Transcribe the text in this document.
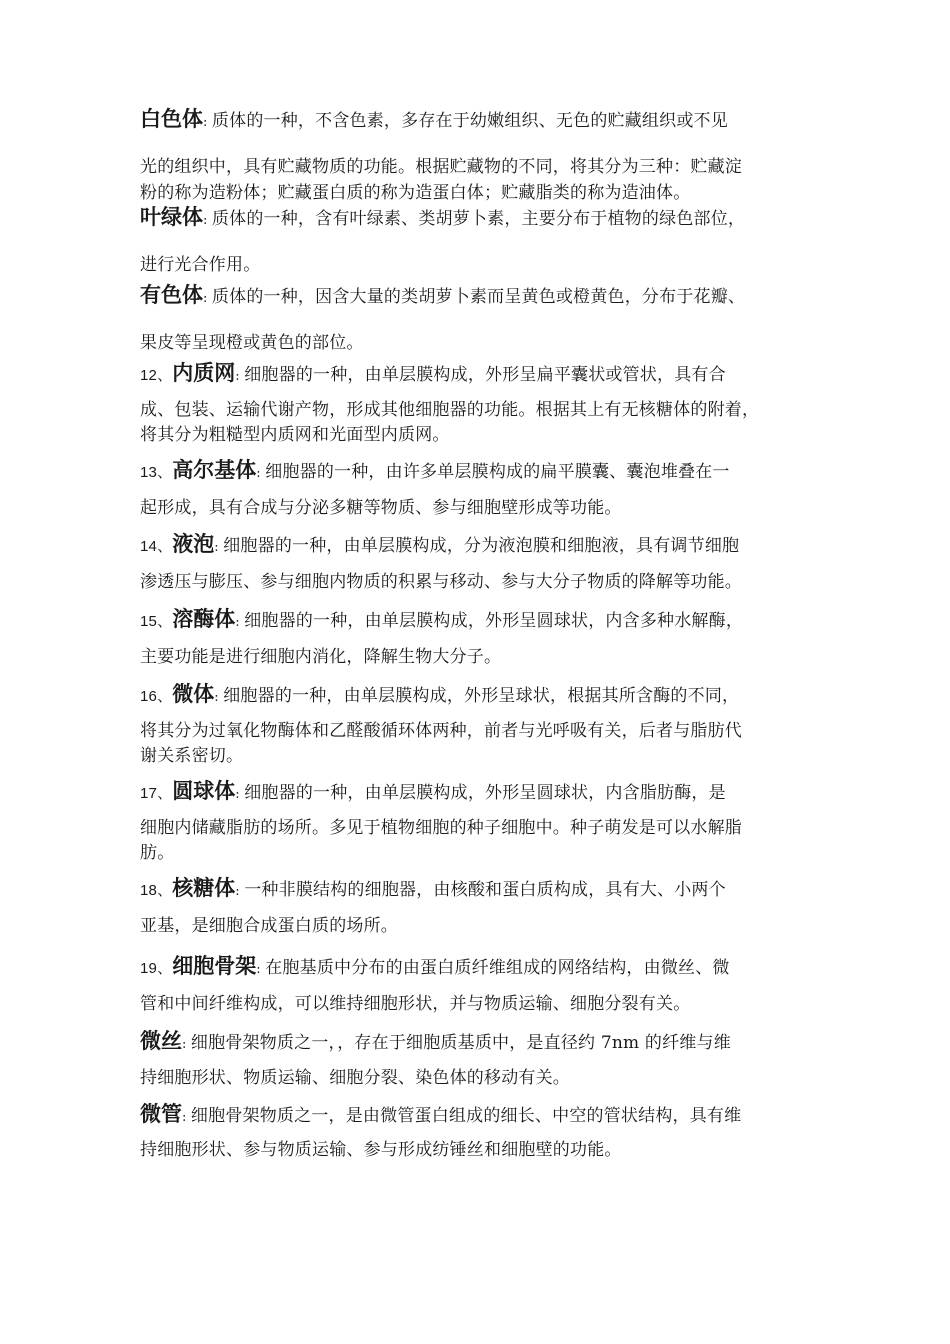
白色体: 质体的一种，不含色素，多存在于幼嫩组织、无色的贮藏组织或不见
光的组织中，具有贮藏物质的功能。根据贮藏物的不同，将其分为三种：贮藏淀
粉的称为造粉体；贮藏蛋白质的称为造蛋白体；贮藏脂类的称为造油体。
叶绿体: 质体的一种，含有叶绿素、类胡萝卜素，主要分布于植物的绿色部位，
进行光合作用。
有色体: 质体的一种，因含大量的类胡萝卜素而呈黄色或橙黄色，分布于花瓣、
果皮等呈现橙或黄色的部位。
12、内质网: 细胞器的一种，由单层膜构成，外形呈扁平囊状或管状，具有合
成、包装、运输代谢产物，形成其他细胞器的功能。根据其上有无核糖体的附着，
将其分为粗糙型内质网和光面型内质网。
13、高尔基体: 细胞器的一种，由许多单层膜构成的扁平膜囊、囊泡堆叠在一
起形成，具有合成与分泌多糖等物质、参与细胞壁形成等功能。
14、液泡: 细胞器的一种，由单层膜构成，分为液泡膜和细胞液，具有调节细胞
渗透压与膨压、参与细胞内物质的积累与移动、参与大分子物质的降解等功能。
15、溶酶体: 细胞器的一种，由单层膜构成，外形呈圆球状，内含多种水解酶，
主要功能是进行细胞内消化，降解生物大分子。
16、微体: 细胞器的一种，由单层膜构成，外形呈球状，根据其所含酶的不同，
将其分为过氧化物酶体和乙醛酸循环体两种，前者与光呼吸有关，后者与脂肪代
谢关系密切。
17、圆球体: 细胞器的一种，由单层膜构成，外形呈圆球状，内含脂肪酶，是
细胞内储藏脂肪的场所。多见于植物细胞的种子细胞中。种子萌发是可以水解脂
肪。
18、核糖体: 一种非膜结构的细胞器，由核酸和蛋白质构成，具有大、小两个
亚基，是细胞合成蛋白质的场所。
19、细胞骨架: 在胞基质中分布的由蛋白质纤维组成的网络结构，由微丝、微
管和中间纤维构成，可以维持细胞形状，并与物质运输、细胞分裂有关。
微丝: 细胞骨架物质之一，，存在于细胞质基质中，是直径约 7nm 的纤维与维
持细胞形状、物质运输、细胞分裂、染色体的移动有关。
微管: 细胞骨架物质之一，是由微管蛋白组成的细长、中空的管状结构，具有维
持细胞形状、参与物质运输、参与形成纺锤丝和细胞壁的功能。
